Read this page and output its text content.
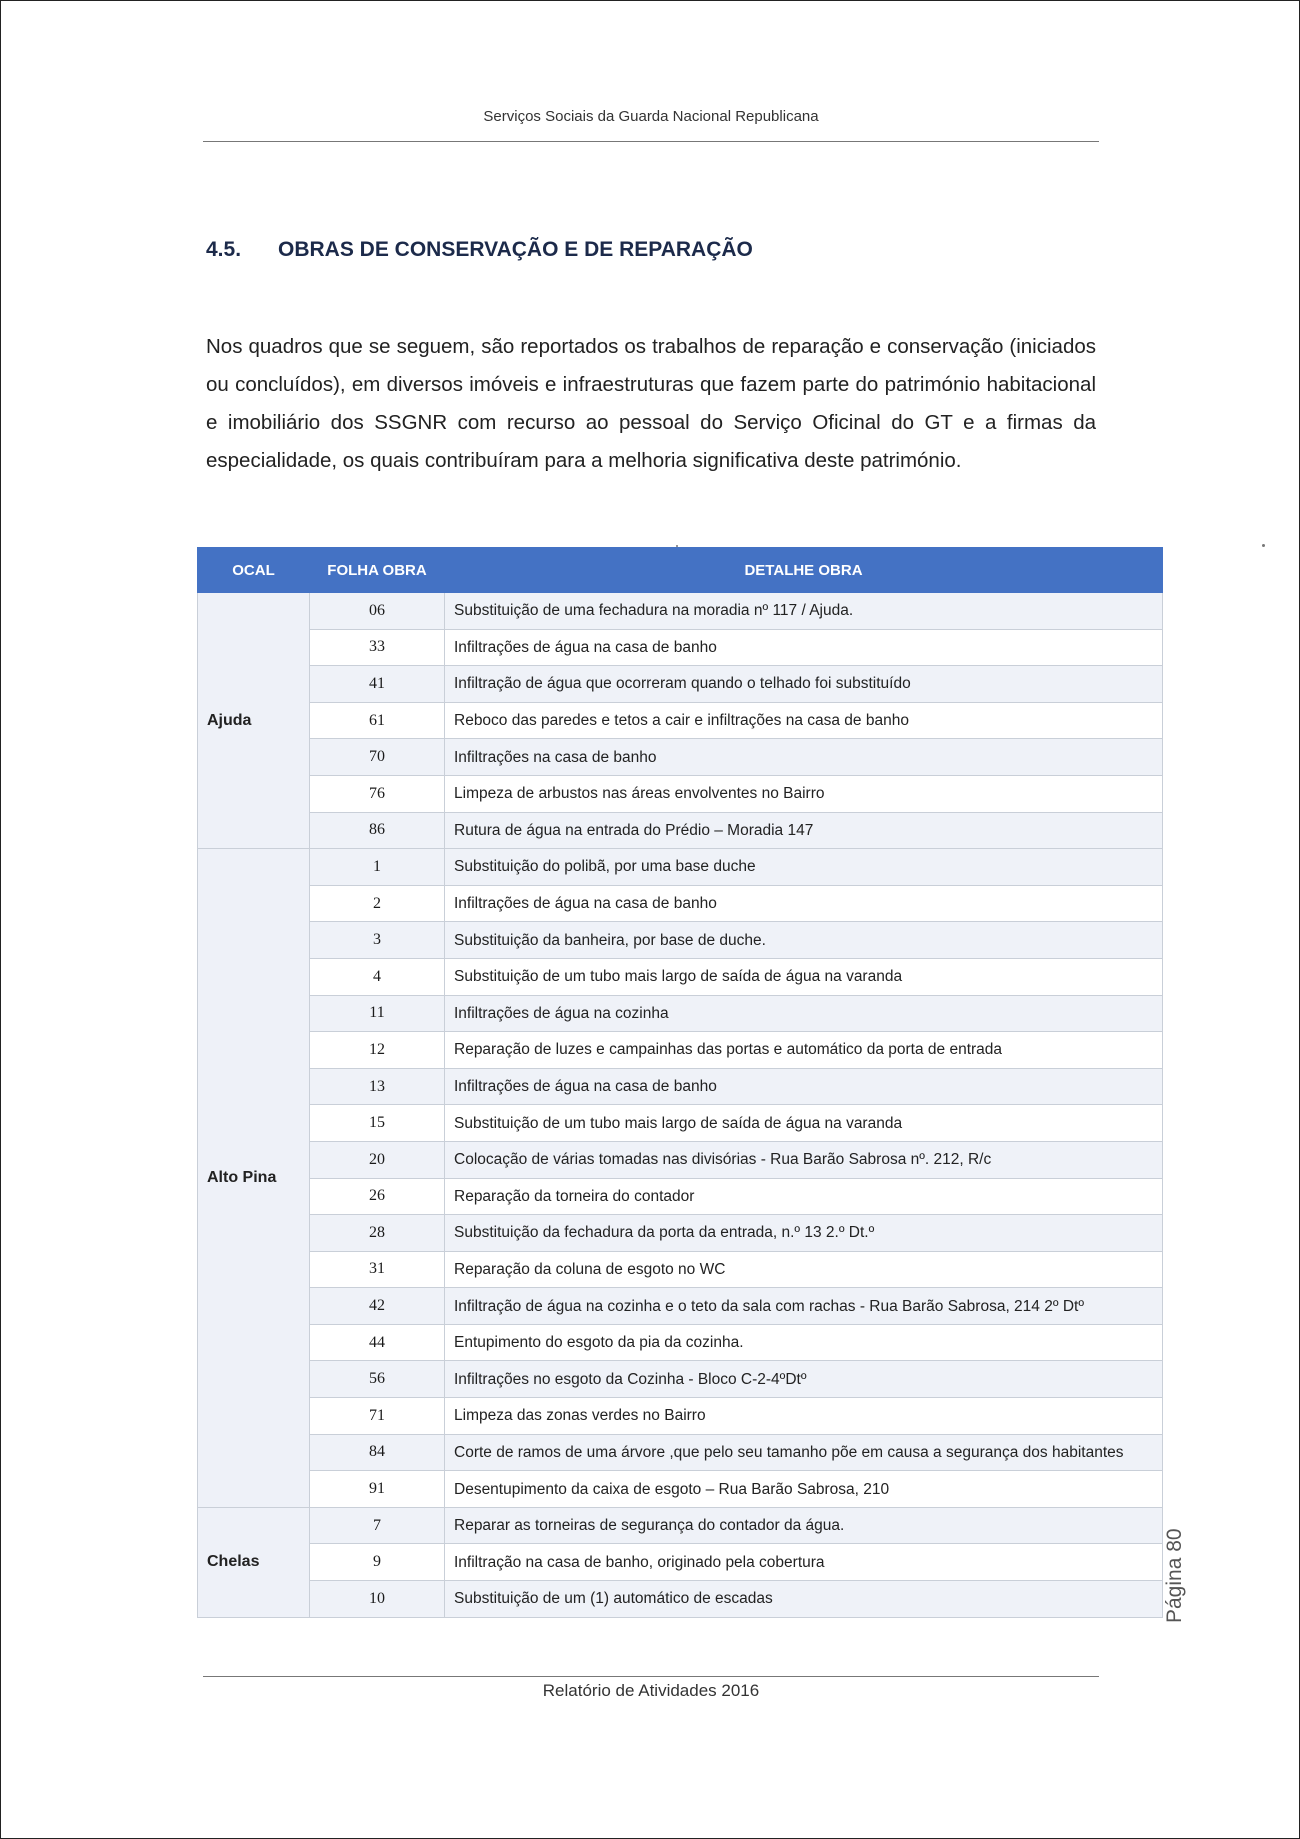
Serviços Sociais da Guarda Nacional Republicana
4.5. OBRAS DE CONSERVAÇÃO E DE REPARAÇÃO
Nos quadros que se seguem, são reportados os trabalhos de reparação e conservação (iniciados ou concluídos), em diversos imóveis e infraestruturas que fazem parte do património habitacional e imobiliário dos SSGNR com recurso ao pessoal do Serviço Oficinal do GT e a firmas da especialidade, os quais contribuíram para a melhoria significativa deste património.
OCAL	FOLHA OBRA	DETALHE OBRA
Ajuda	06	Substituição de uma fechadura na moradia nº 117 / Ajuda.
	33	Infiltrações de água na casa de banho
	41	Infiltração de água que ocorreram quando o telhado foi substituído
	61	Reboco das paredes e tetos a cair e infiltrações na casa de banho
	70	Infiltrações na casa de banho
	76	Limpeza de arbustos nas áreas envolventes no Bairro
	86	Rutura de água na entrada do Prédio – Moradia 147
Alto Pina	1	Substituição do polibã, por uma base duche
	2	Infiltrações de água na casa de banho
	3	Substituição da banheira, por base de duche.
	4	Substituição de um tubo mais largo de saída de água na varanda
	11	Infiltrações de água na cozinha
	12	Reparação de luzes e campainhas das portas e automático da porta de entrada
	13	Infiltrações de água na casa de banho
	15	Substituição de um tubo mais largo de saída de água na varanda
	20	Colocação de várias tomadas nas divisórias - Rua Barão Sabrosa nº. 212, R/c
	26	Reparação da torneira do contador
	28	Substituição da fechadura da porta da entrada, n.º 13 2.º Dt.º
	31	Reparação da coluna de esgoto no WC
	42	Infiltração de água na cozinha e o teto da sala com rachas - Rua Barão Sabrosa, 214 2º Dtº
	44	Entupimento do esgoto da pia da cozinha.
	56	Infiltrações no esgoto da Cozinha - Bloco C-2-4ºDtº
	71	Limpeza das zonas verdes no Bairro
	84	Corte de ramos de uma árvore ,que pelo seu tamanho põe em causa a segurança dos habitantes
	91	Desentupimento da caixa de esgoto – Rua Barão Sabrosa, 210
Chelas	7	Reparar as torneiras de segurança do contador da água.
	9	Infiltração na casa de banho, originado pela cobertura
	10	Substituição de um (1) automático de escadas	Página 80
Relatório de Atividades 2016
